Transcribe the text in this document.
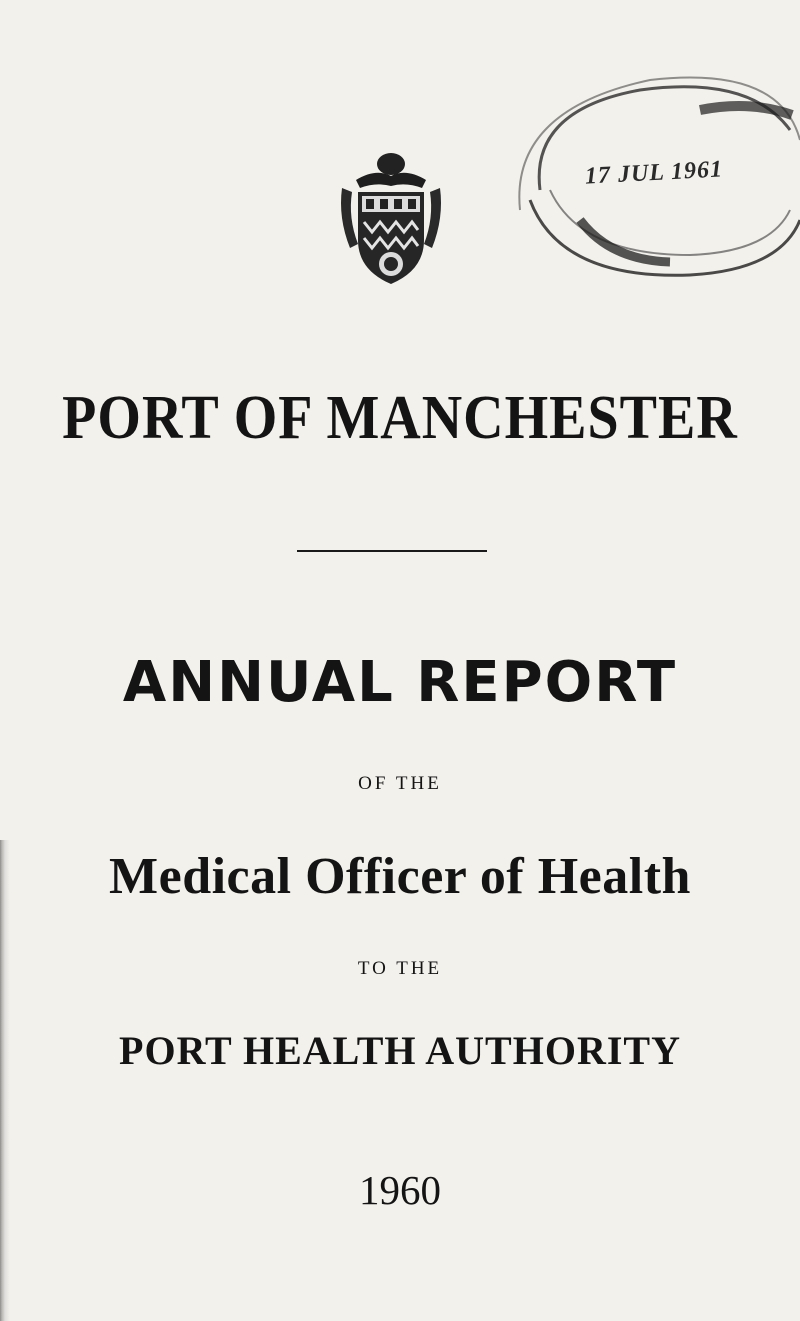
17 JUL 1961
PORT OF MANCHESTER
ANNUAL REPORT

OF THE

Medical Officer of Health

TO THE

PORT HEALTH AUTHORITY

1960
